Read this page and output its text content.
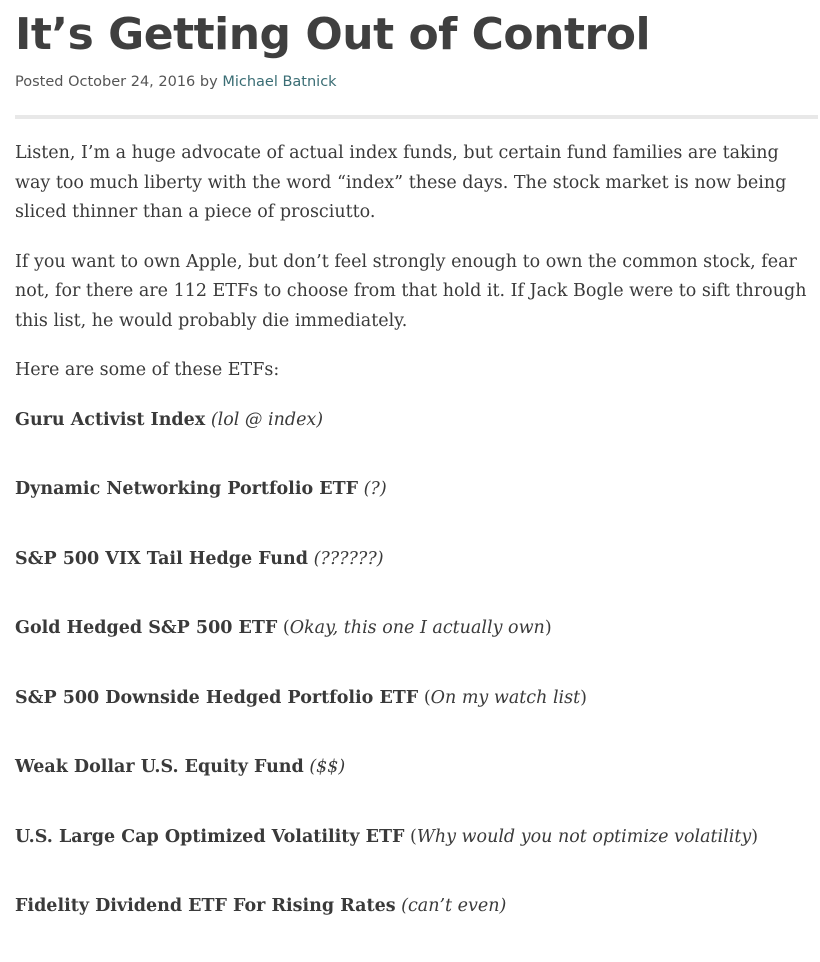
It’s Getting Out of Control
Posted October 24, 2016 by Michael Batnick

Listen, I’m a huge advocate of actual index funds, but certain fund families are taking way too much liberty with the word “index” these days. The stock market is now being sliced thinner than a piece of prosciutto.

If you want to own Apple, but don’t feel strongly enough to own the common stock, fear not, for there are 112 ETFs to choose from that hold it. If Jack Bogle were to sift through this list, he would probably die immediately.

Here are some of these ETFs:

Guru Activist Index (lol @ index)

Dynamic Networking Portfolio ETF (?)

S&P 500 VIX Tail Hedge Fund (??????)

Gold Hedged S&P 500 ETF (Okay, this one I actually own)

S&P 500 Downside Hedged Portfolio ETF (On my watch list)

Weak Dollar U.S. Equity Fund ($$)

U.S. Large Cap Optimized Volatility ETF (Why would you not optimize volatility)

Fidelity Dividend ETF For Rising Rates (can’t even)
